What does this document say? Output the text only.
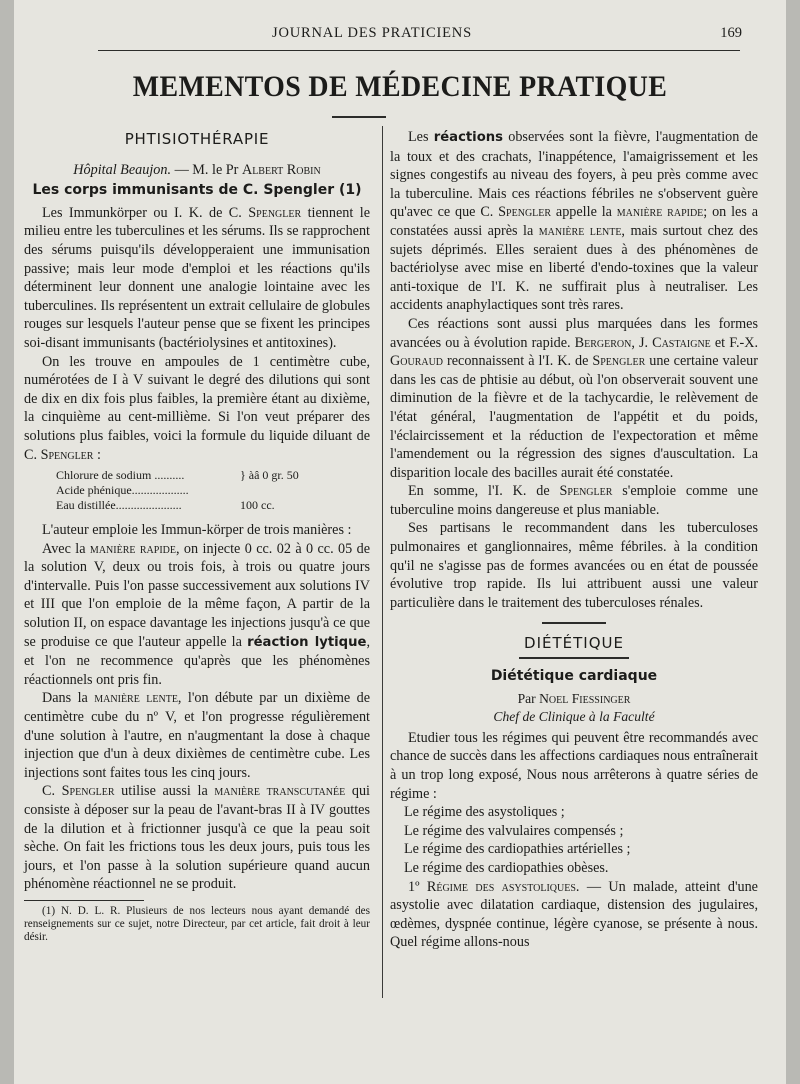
JOURNAL DES PRATICIENS	169
MEMENTOS DE MÉDECINE PRATIQUE
PHTISIOTHÉRAPIE
Hôpital Beaujon. — M. le Pr Albert Robin
Les corps immunisants de C. Spengler (1)

Les Immunkörper ou I. K. de C. Spengler tiennent le milieu entre les tuberculines et les sérums. Ils se rapprochent des sérums puisqu'ils développeraient une immunisation passive; mais leur mode d'emploi et les réactions qu'ils déterminent leur donnent une analogie lointaine avec les tuberculines. Ils représentent un extrait cellulaire de globules rouges sur lesquels l'auteur pense que se fixent les principes soi-disant immunisants (bactériolysines et antitoxines).

On les trouve en ampoules de 1 centimètre cube, numérotées de I à V suivant le degré des dilutions qui sont de dix en dix fois plus faibles, la première étant au dixième, la cinquième au cent-millième. Si l'on veut préparer des solutions plus faibles, voici la formule du liquide diluant de C. Spengler :

Chlorure de sodium ..........	} àâ 0 gr. 50
Acide phénique...................
Eau distillée......................	100 cc.

L'auteur emploie les Immun-körper de trois manières :

Avec la manière rapide, on injecte 0 cc. 02 à 0 cc. 05 de la solution V, deux ou trois fois, à trois ou quatre jours d'intervalle. Puis l'on passe successivement aux solutions IV et III que l'on emploie de la même façon, A partir de la solution II, on espace davantage les injections jusqu'à ce que se produise ce que l'auteur appelle la réaction lytique, et l'on ne recommence qu'après que les phénomènes réactionnels ont pris fin.

Dans la manière lente, l'on débute par un dixième de centimètre cube du nº V, et l'on progresse régulièrement d'une solution à l'autre, en n'augmentant la dose à chaque injection que d'un à deux dixièmes de centimètre cube. Les injections sont faites tous les cinq jours.

C. Spengler utilise aussi la manière transcutanée qui consiste à déposer sur la peau de l'avant-bras II à IV gouttes de la dilution et à frictionner jusqu'à ce que la peau soit sèche. On fait les frictions tous les deux jours, puis tous les jours, et l'on passe à la solution supérieure quand aucun phénomène réactionnel ne se produit.

(1) N. D. L. R. Plusieurs de nos lecteurs nous ayant demandé des renseignements sur ce sujet, notre Directeur, par cet article, fait droit à leur désir.

Les réactions observées sont la fièvre, l'augmentation de la toux et des crachats, l'inappétence, l'amaigrissement et les signes congestifs au niveau des foyers, à peu près comme avec la tuberculine. Mais ces réactions fébriles ne s'observent guère qu'avec ce que C. Spengler appelle la manière rapide; on les a constatées aussi après la manière lente, mais surtout chez des sujets déprimés. Elles seraient dues à des phénomènes de bactériolyse avec mise en liberté d'endo-toxines que la valeur anti-toxique de l'I. K. ne suffirait plus à neutraliser. Les accidents anaphylactiques sont très rares.

Ces réactions sont aussi plus marquées dans les formes avancées ou à évolution rapide. Bergeron, J. Castaigne et F.-X. Gouraud reconnaissent à l'I. K. de Spengler une certaine valeur dans les cas de phtisie au début, où l'on observerait souvent une diminution de la fièvre et de la tachycardie, le relèvement de l'état général, l'augmentation de l'appétit et du poids, l'éclaircissement et la réduction de l'expectoration et même l'amendement ou la régression des signes d'auscultation. La disparition locale des bacilles aurait été constatée.

En somme, l'I. K. de Spengler s'emploie comme une tuberculine moins dangereuse et plus maniable.

Ses partisans le recommandent dans les tuberculoses pulmonaires et ganglionnaires, même fébriles. à la condition qu'il ne s'agisse pas de formes avancées ou en état de poussée évolutive trop rapide. Ils lui attribuent aussi une valeur particulière dans le traitement des tuberculoses rénales.

DIÉTÉTIQUE
Diététique cardiaque
Par Noel Fiessinger
Chef de Clinique à la Faculté

Etudier tous les régimes qui peuvent être recommandés avec chance de succès dans les affections cardiaques nous entraînerait à un trop long exposé, Nous nous arrêterons à quatre séries de régime :

Le régime des asystoliques ;

Le régime des valvulaires compensés ;

Le régime des cardiopathies artérielles ;

Le régime des cardiopathies obèses.

1º Régime des asystoliques. — Un malade, atteint d'une asystolie avec dilatation cardiaque, distension des jugulaires, œdèmes, dyspnée continue, légère cyanose, se présente à nous. Quel régime allons-nous
